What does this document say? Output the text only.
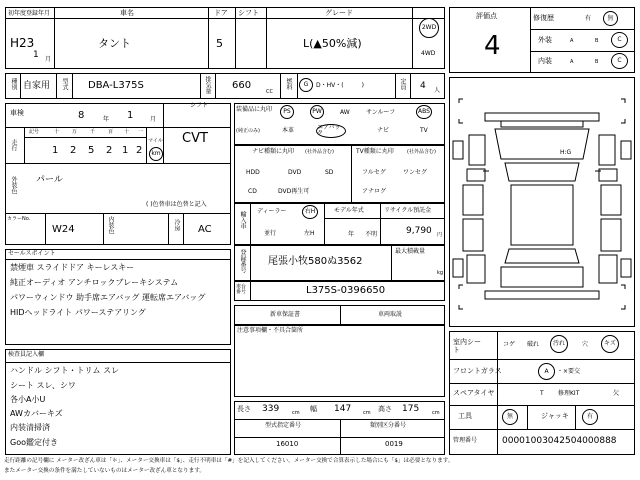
初年度登録年月
H23
1 月
車名
タント
ドア
5
シフト	グレード
L(▲50%減)
2WD
4WD
種別 自家用 型式 DBA-L375S	排気量 660
CC
燃料 G D・HV・(　　　)	定員 4 人
車検	8	年 1	月
シフト
CVT
走行
記号	十	万	千	百 十 一
1 2 5 2 1 2
マイル
km
外装色 パール
( )色替車は色替と記入
カラーNo.
W24	内装色	冷房 AC
セールスポイント
禁煙車 スライドドア キーレスキー
純正オーディオ アンチロックブレーキシステム
パワーウィンドウ 助手席エアバッグ 運転席エアバッグ
HIDヘッドライト パワーステアリング
検査員記入欄
ハンドル シフト・トリム スレ
シート スレ、シワ
各小A小U
AWカバーキズ
内装清掃済
Goo鑑定付き
装備品に丸印
(純正のみ)
PS	PW	AW	サンルーフ	ABS
本革	エアバック	ナビ	TV
ナビ種類に丸印 (社外品含む)
HDD	DVD	SD
CD	DVD再生可
TV種類に丸印	(社外品含む)
フルセグ	ワンセグ
アナログ
輸入車 ディーラー	右H
並行	左H
モデル年式
年 不明
リサイクル預託金
9,790 円
登録番号 尾張小牧580ぬ3562
最大積載量
kg
車台番号	L375S-0396650
新車保証書	車両取説
注意事項欄・不具合箇所
長さ 339	cm 幅 147 cm 高さ 175	cm
型式指定番号
16010
類別区分番号
0019
評価点
4
修復歴	有	無
外装	A	B	C
内装	A	B	C
H:G
室内シート
コゲ 破れ 汚れ	穴	キズ
フロントガラス	A ・×要交
スペアタイヤ	T 修理KIT	欠
工具	無	ジャッキ	有
管理番号	00001003042504000888
走行距離の記号欄に メーター改ざん車は「＊」、メーター交換車は「$」、走行不明車は「#」を記入してください。メーター交換で合算表示した場合にも「$」は必要となります。
またメーター交換の条件を満たしていないものはメーター改ざん車となります。
